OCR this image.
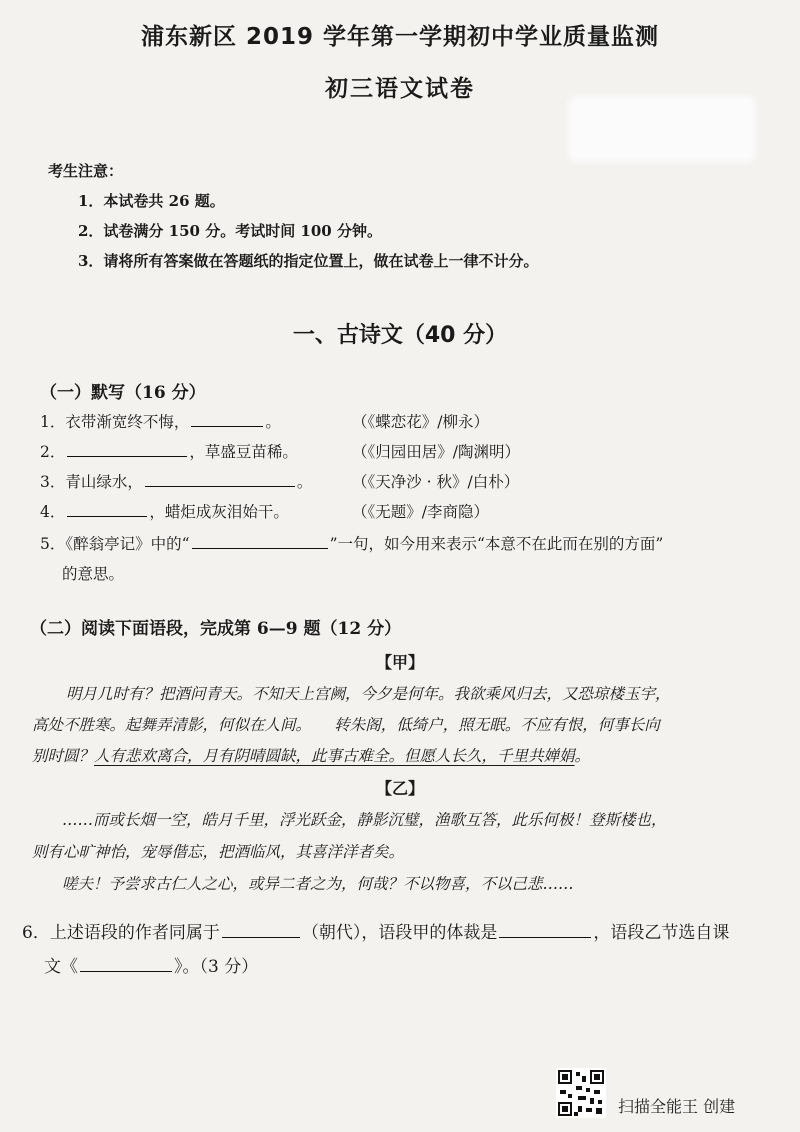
浦东新区 2019 学年第一学期初中学业质量监测
初三语文试卷
考生注意：
1．本试卷共 26 题。
2．试卷满分 150 分。考试时间 100 分钟。
3．请将所有答案做在答题纸的指定位置上，做在试卷上一律不计分。
一、古诗文（40 分）
（一）默写（16 分）
1．衣带渐宽终不悔，	。	（《蝶恋花》/柳永）
2．	，草盛豆苗稀。	（《归园田居》/陶渊明）
3．青山绿水，	。	（《天净沙 · 秋》/白朴）
4．	，蜡炬成灰泪始干。	（《无题》/李商隐）
5．《醉翁亭记》中的“	”一句，如今用来表示“本意不在此而在别的方面”
的意思。
（二）阅读下面语段，完成第 6—9 题（12 分）
【甲】
明月几时有？把酒问青天。不知天上宫阙，今夕是何年。我欲乘风归去，又恐琼楼玉宇，
高处不胜寒。起舞弄清影，何似在人间。　　转朱阁，低绮户，照无眠。不应有恨，何事长向
别时圆？人有悲欢离合，月有阴晴圆缺，此事古难全。但愿人长久，千里共婵娟。
【乙】
……而或长烟一空，皓月千里，浮光跃金，静影沉璧，渔歌互答，此乐何极！登斯楼也，
则有心旷神怡，宠辱偕忘，把酒临风，其喜洋洋者矣。
嗟夫！予尝求古仁人之心，或异二者之为，何哉？不以物喜，不以己悲……
6．上述语段的作者同属于	（朝代），语段甲的体裁是	，语段乙节选自课
文《	》。（3 分）
扫描全能王 创建
